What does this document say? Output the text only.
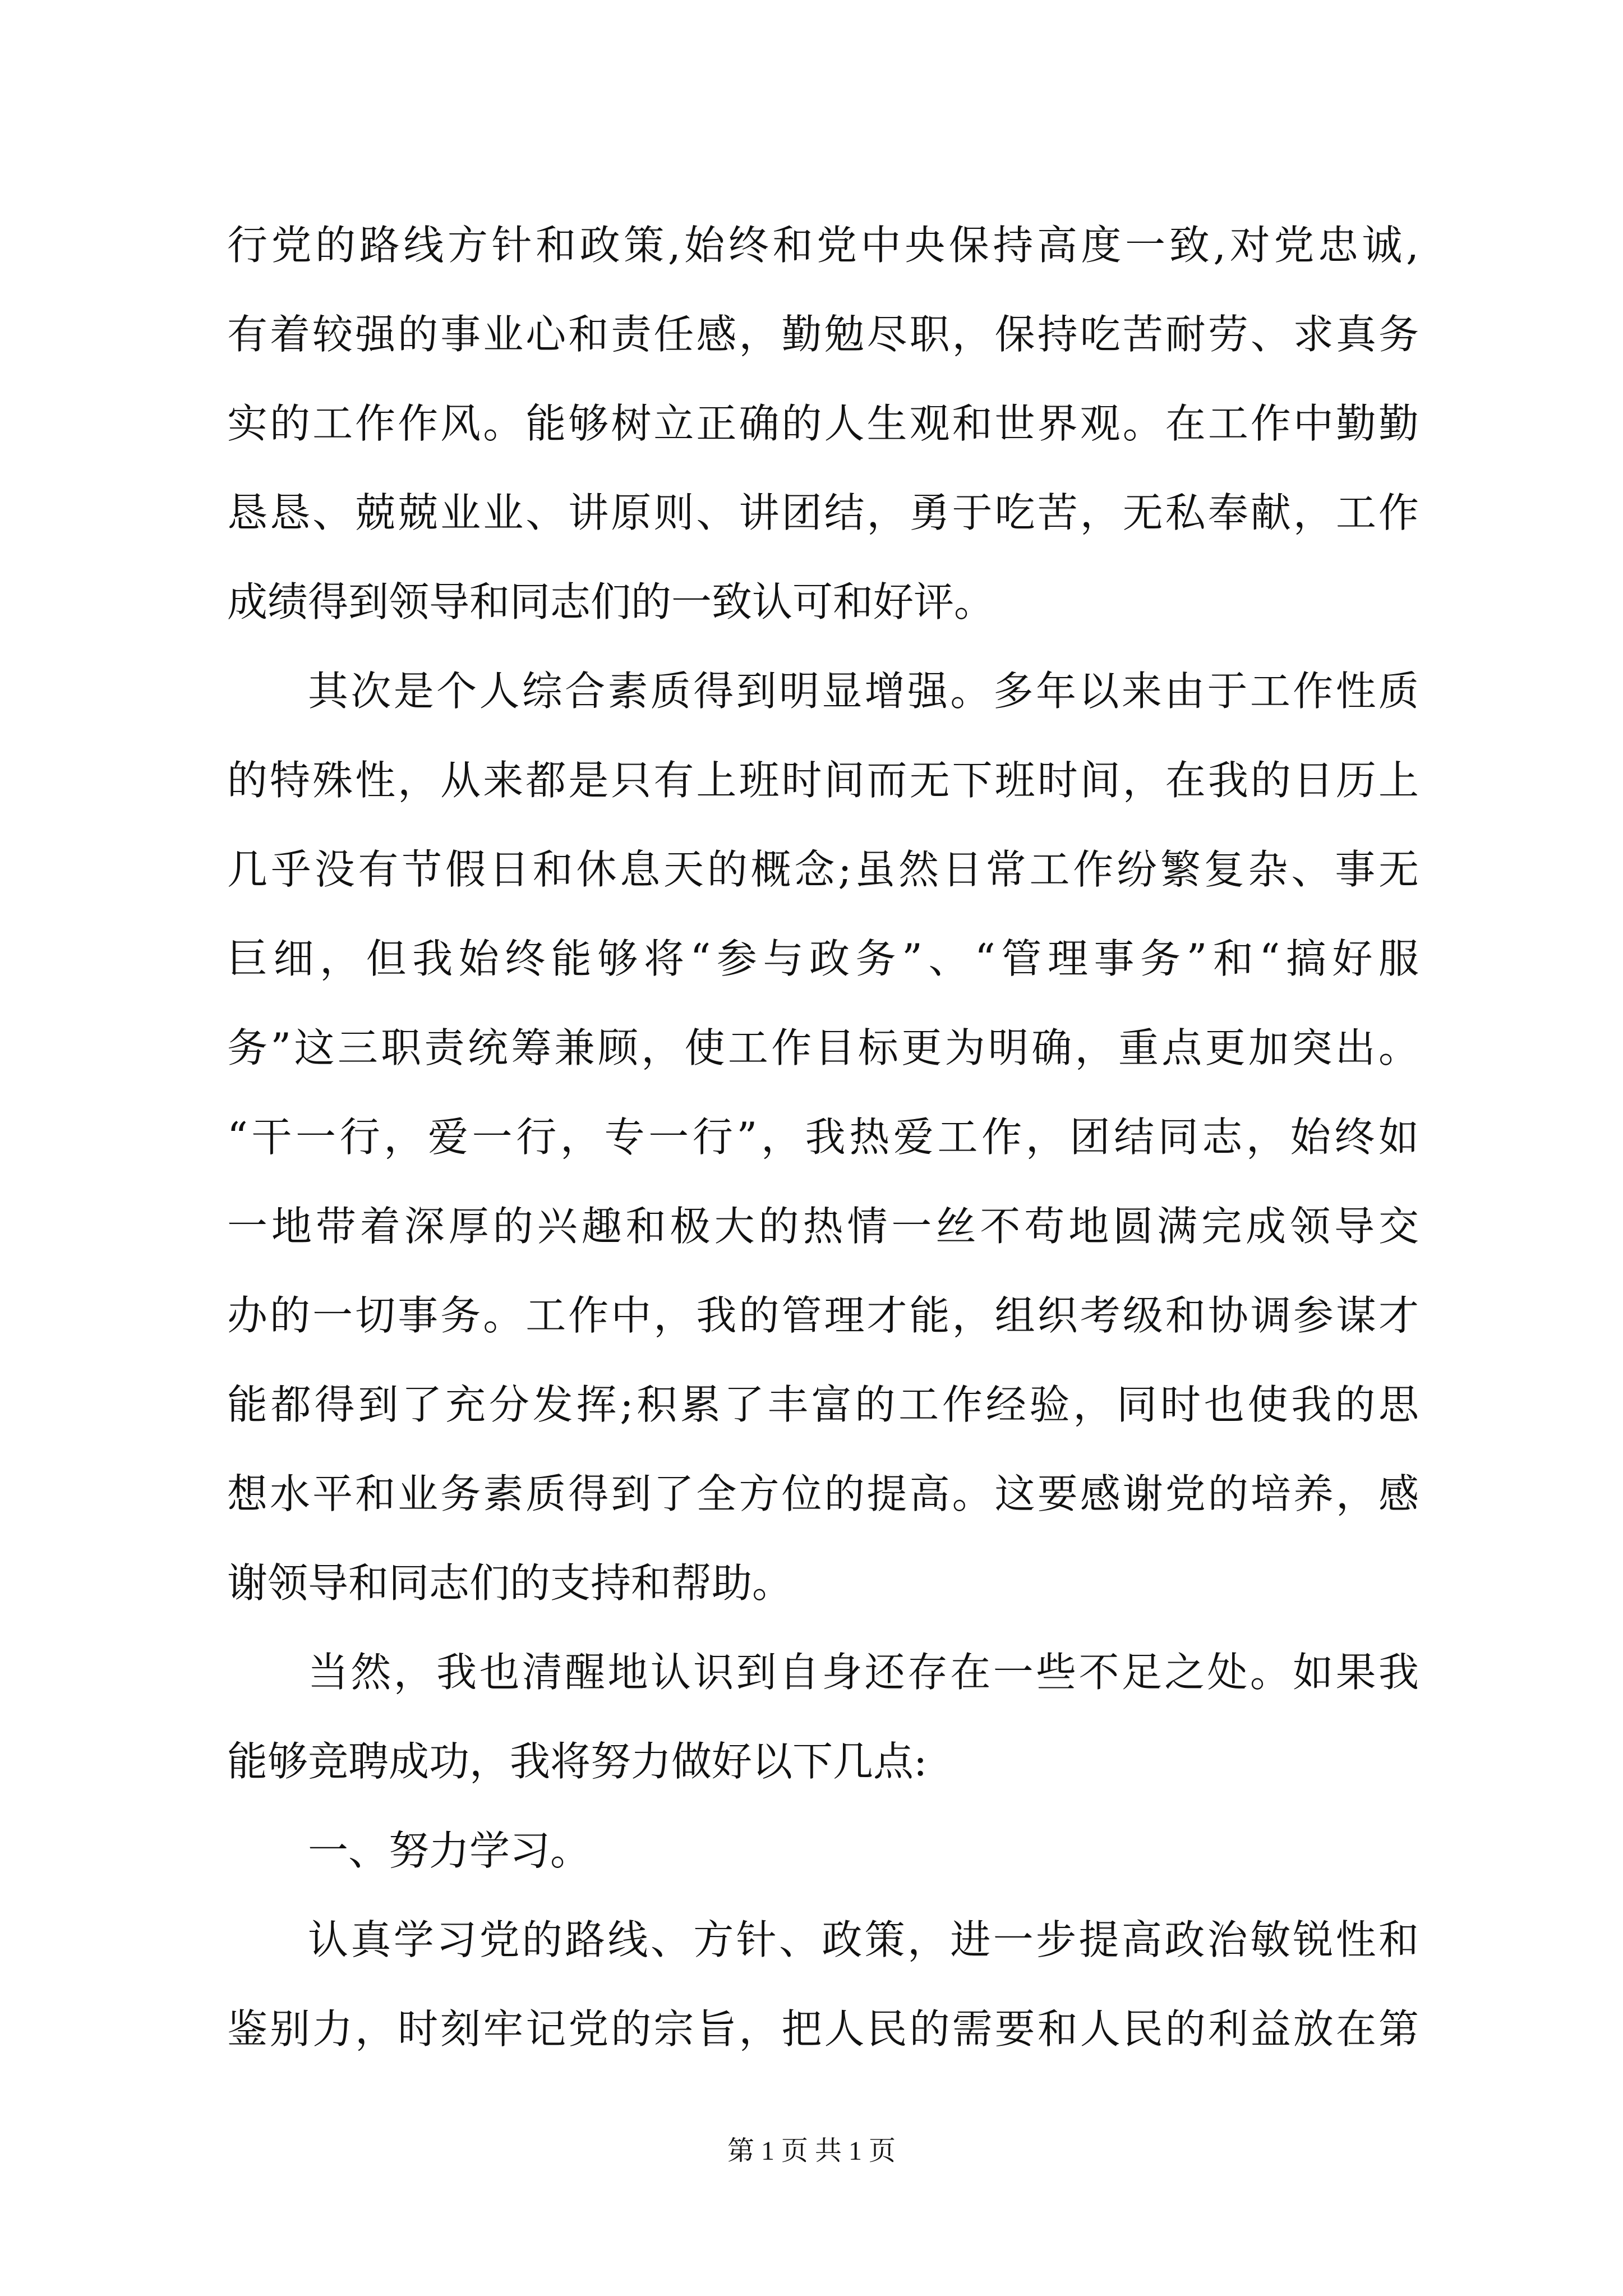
行党的路线方针和政策,始终和党中央保持高度一致,对党忠诚,
有着较强的事业心和责任感，勤勉尽职，保持吃苦耐劳、求真务
实的工作作风。能够树立正确的人生观和世界观。在工作中勤勤
恳恳、兢兢业业、讲原则、讲团结，勇于吃苦，无私奉献，工作
成绩得到领导和同志们的一致认可和好评。
其次是个人综合素质得到明显增强。多年以来由于工作性质
的特殊性，从来都是只有上班时间而无下班时间，在我的日历上
几乎没有节假日和休息天的概念;虽然日常工作纷繁复杂、事无
巨细，但我始终能够将“参与政务”、“管理事务”和“搞好服
务”这三职责统筹兼顾，使工作目标更为明确，重点更加突出。
“干一行，爱一行，专一行”，我热爱工作，团结同志，始终如
一地带着深厚的兴趣和极大的热情一丝不苟地圆满完成领导交
办的一切事务。工作中，我的管理才能，组织考级和协调参谋才
能都得到了充分发挥;积累了丰富的工作经验，同时也使我的思
想水平和业务素质得到了全方位的提高。这要感谢党的培养，感
谢领导和同志们的支持和帮助。
当然，我也清醒地认识到自身还存在一些不足之处。如果我
能够竞聘成功，我将努力做好以下几点:
一、努力学习。
认真学习党的路线、方针、政策，进一步提高政治敏锐性和
鉴别力，时刻牢记党的宗旨，把人民的需要和人民的利益放在第
第 1 页 共 1 页
